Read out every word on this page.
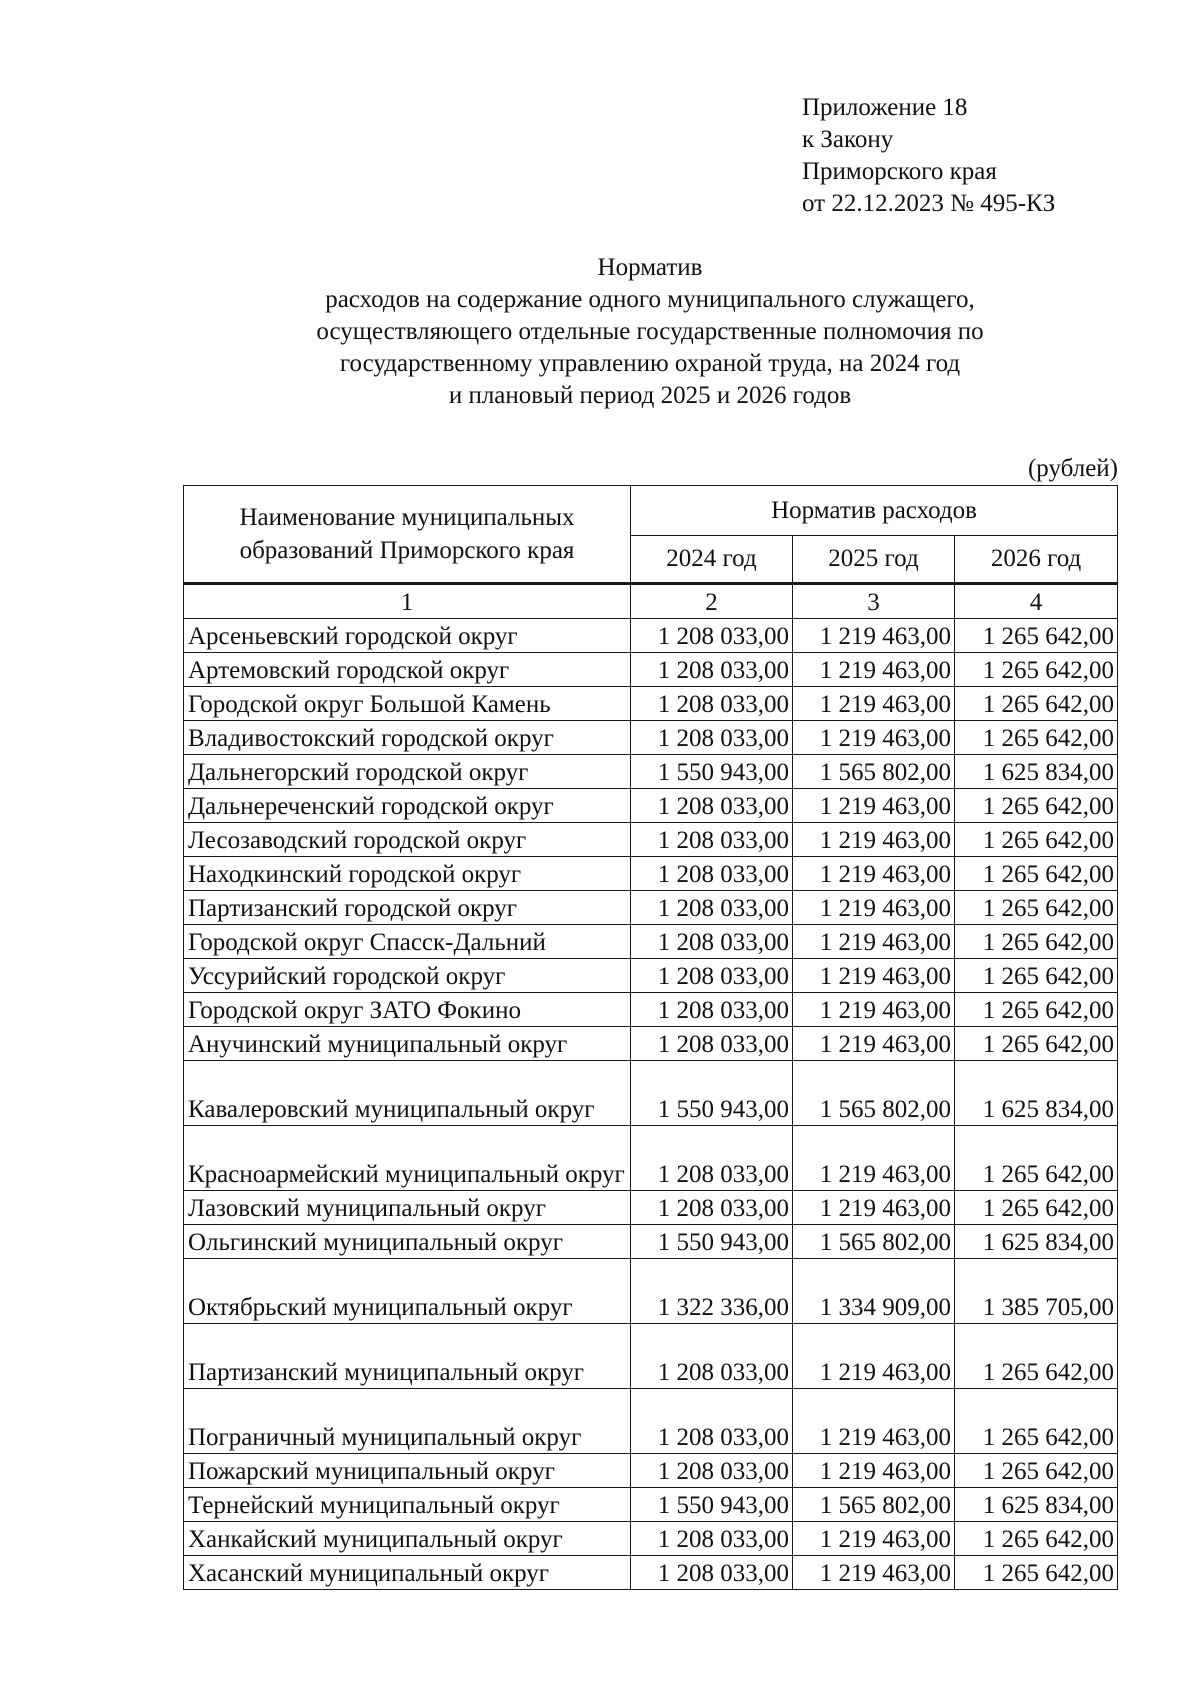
Приложение 18
к Закону
Приморского края
от 22.12.2023 № 495-КЗ
Норматив
расходов на содержание одного муниципального служащего,
осуществляющего отдельные государственные полномочия по
государственному управлению охраной труда, на 2024 год
и плановый период 2025 и 2026 годов
(рублей)
Наименование муниципальных образований Приморского края	Норматив расходов		
	2024 год	2025 год	2026 год
1	2	3	4
Арсеньевский городской округ	1 208 033,00	1 219 463,00	1 265 642,00
Артемовский городской округ	1 208 033,00	1 219 463,00	1 265 642,00
Городской округ Большой Камень	1 208 033,00	1 219 463,00	1 265 642,00
Владивостокский городской округ	1 208 033,00	1 219 463,00	1 265 642,00
Дальнегорский городской округ	1 550 943,00	1 565 802,00	1 625 834,00
Дальнереченский городской округ	1 208 033,00	1 219 463,00	1 265 642,00
Лесозаводский городской округ	1 208 033,00	1 219 463,00	1 265 642,00
Находкинский городской округ	1 208 033,00	1 219 463,00	1 265 642,00
Партизанский городской округ	1 208 033,00	1 219 463,00	1 265 642,00
Городской округ Спасск-Дальний	1 208 033,00	1 219 463,00	1 265 642,00
Уссурийский городской округ	1 208 033,00	1 219 463,00	1 265 642,00
Городской округ ЗАТО Фокино	1 208 033,00	1 219 463,00	1 265 642,00
Анучинский муниципальный округ	1 208 033,00	1 219 463,00	1 265 642,00
Кавалеровский муниципальный округ	1 550 943,00	1 565 802,00	1 625 834,00
Красноармейский муниципальный округ	1 208 033,00	1 219 463,00	1 265 642,00
Лазовский муниципальный округ	1 208 033,00	1 219 463,00	1 265 642,00
Ольгинский муниципальный округ	1 550 943,00	1 565 802,00	1 625 834,00
Октябрьский муниципальный округ	1 322 336,00	1 334 909,00	1 385 705,00
Партизанский муниципальный округ	1 208 033,00	1 219 463,00	1 265 642,00
Пограничный муниципальный округ	1 208 033,00	1 219 463,00	1 265 642,00
Пожарский муниципальный округ	1 208 033,00	1 219 463,00	1 265 642,00
Тернейский муниципальный округ	1 550 943,00	1 565 802,00	1 625 834,00
Ханкайский муниципальный округ	1 208 033,00	1 219 463,00	1 265 642,00
Хасанский муниципальный округ	1 208 033,00	1 219 463,00	1 265 642,00
